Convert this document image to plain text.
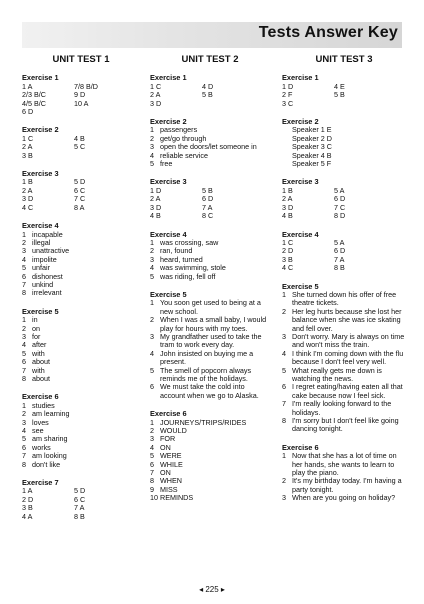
Tests Answer Key
UNIT TEST 1
Exercise 1
1 A	7/8 B/D
2/3 B/C	9 D
4/5 B/C	10 A
6 D
Exercise 2
1 C	4 B
2 A	5 C
3 B
Exercise 3
1 B	5 D
2 A	6 C
3 D	7 C
4 C	8 A
Exercise 4
1 incapable
2 illegal
3 unattractive
4 impolite
5 unfair
6 dishonest
7 unkind
8 irrelevant
Exercise 5
1 in
2 on
3 for
4 after
5 with
6 about
7 with
8 about
Exercise 6
1 studies
2 am learning
3 loves
4 see
5 am sharing
6 works
7 am looking
8 don't like
Exercise 7
1 A	5 D
2 D	6 C
3 B	7 A
4 A	8 B
UNIT TEST 2
Exercise 1
1 C	4 D
2 A	5 B
3 D
Exercise 2
1 passengers
2 get/go through
3 open the doors/let someone in
4 reliable service
5 free
Exercise 3
1 D	5 B
2 A	6 D
3 D	7 A
4 B	8 C
Exercise 4
1 was crossing, saw
2 ran, found
3 heard, turned
4 was swimming, stole
5 was riding, fell off
Exercise 5
1 You soon get used to being at a new school.
2 When I was a small baby, I would play for hours with my toes.
3 My grandfather used to take the tram to work every day.
4 John insisted on buying me a present.
5 The smell of popcorn always reminds me of the holidays.
6 We must take the cold into account when we go to Alaska.
Exercise 6
1 JOURNEYS/TRIPS/RIDES
2 WOULD
3 FOR
4 ON
5 WERE
6 WHILE
7 ON
8 WHEN
9 MISS
10 REMINDS
UNIT TEST 3
Exercise 1
1 D	4 E
2 F	5 B
3 C
Exercise 2
Speaker 1 E
Speaker 2 D
Speaker 3 C
Speaker 4 B
Speaker 5 F
Exercise 3
1 B	5 A
2 A	6 D
3 D	7 C
4 B	8 D
Exercise 4
1 C	5 A
2 D	6 D
3 B	7 A
4 C	8 B
Exercise 5
1 She turned down his offer of free theatre tickets.
2 Her leg hurts because she lost her balance when she was ice skating and fell over.
3 Don't worry. Mary is always on time and won't miss the train.
4 I think I'm coming down with the flu because I don't feel very well.
5 What really gets me down is watching the news.
6 I regret eating/having eaten all that cake because now I feel sick.
7 I'm really looking forward to the holidays.
8 I'm sorry but I don't feel like going dancing tonight.
Exercise 6
1 Now that she has a lot of time on her hands, she wants to learn to play the piano.
2 It's my birthday today. I'm having a party tonight.
3 When are you going on holiday?
◂ 225 ▸
